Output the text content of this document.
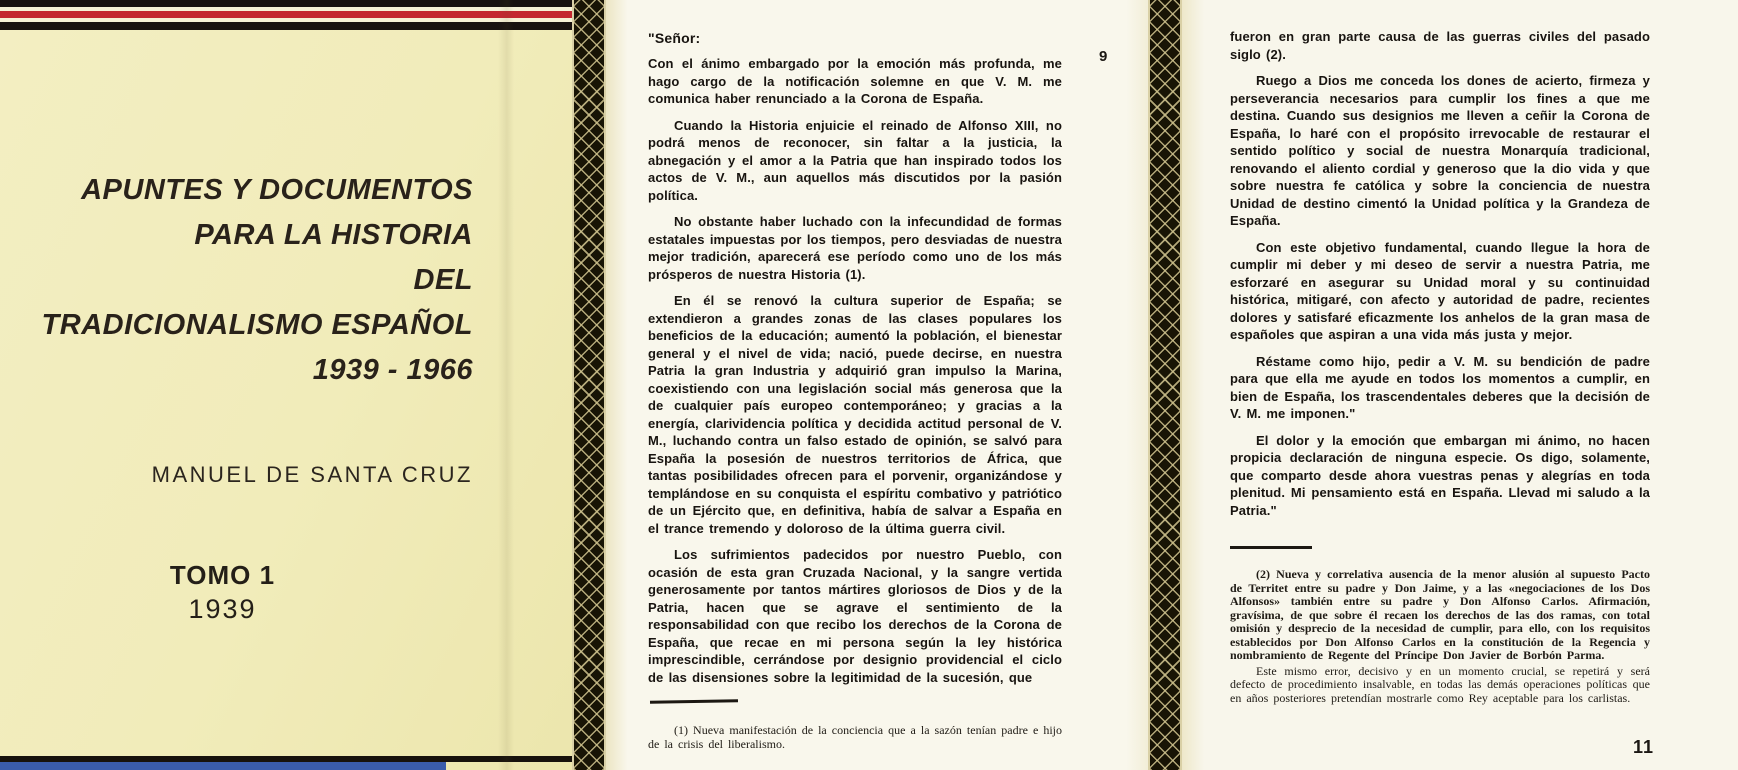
APUNTES Y DOCUMENTOS
PARA LA HISTORIA
DEL
TRADICIONALISMO ESPAÑOL
1939 - 1966
MANUEL DE SANTA CRUZ
TOMO 1
1939
9

"Señor:

Con el ánimo embargado por la emoción más profunda, me hago cargo de la notificación solemne en que V. M. me comunica haber renunciado a la Corona de España.

Cuando la Historia enjuicie el reinado de Alfonso XIII, no podrá menos de reconocer, sin faltar a la justicia, la abnegación y el amor a la Patria que han inspirado todos los actos de V. M., aun aquellos más discutidos por la pasión política.

No obstante haber luchado con la infecundidad de formas estatales impuestas por los tiempos, pero desviadas de nuestra mejor tradición, aparecerá ese período como uno de los más prósperos de nuestra Historia (1).

En él se renovó la cultura superior de España; se extendieron a grandes zonas de las clases populares los beneficios de la educación; aumentó la población, el bienestar general y el nivel de vida; nació, puede decirse, en nuestra Patria la gran Industria y adquirió gran impulso la Marina, coexistiendo con una legislación social más generosa que la de cualquier país europeo contemporáneo; y gracias a la energía, clarividencia política y decidida actitud personal de V. M., luchando contra un falso estado de opinión, se salvó para España la posesión de nuestros territorios de África, que tantas posibilidades ofrecen para el porvenir, organizándose y templándose en su conquista el espíritu combativo y patriótico de un Ejército que, en definitiva, había de salvar a España en el trance tremendo y doloroso de la última guerra civil.

Los sufrimientos padecidos por nuestro Pueblo, con ocasión de esta gran Cruzada Nacional, y la sangre vertida generosamente por tantos mártires gloriosos de Dios y de la Patria, hacen que se agrave el sentimiento de la responsabilidad con que recibo los derechos de la Corona de España, que recae en mi persona según la ley histórica imprescindible, cerrándose por designio providencial el ciclo de las disensiones sobre la legitimidad de la sucesión, que

(1) Nueva manifestación de la conciencia que a la sazón tenían padre e hijo de la crisis del liberalismo.

fueron en gran parte causa de las guerras civiles del pasado siglo (2).

Ruego a Dios me conceda los dones de acierto, firmeza y perseverancia necesarios para cumplir los fines a que me destina. Cuando sus designios me lleven a ceñir la Corona de España, lo haré con el propósito irrevocable de restaurar el sentido político y social de nuestra Monarquía tradicional, renovando el aliento cordial y generoso que la dio vida y que sobre nuestra fe católica y sobre la conciencia de nuestra Unidad de destino cimentó la Unidad política y la Grandeza de España.

Con este objetivo fundamental, cuando llegue la hora de cumplir mi deber y mi deseo de servir a nuestra Patria, me esforzaré en asegurar su Unidad moral y su continuidad histórica, mitigaré, con afecto y autoridad de padre, recientes dolores y satisfaré eficazmente los anhelos de la gran masa de españoles que aspiran a una vida más justa y mejor.

Réstame como hijo, pedir a V. M. su bendición de padre para que ella me ayude en todos los momentos a cumplir, en bien de España, los trascendentales deberes que la decisión de V. M. me imponen."

El dolor y la emoción que embargan mi ánimo, no hacen propicia declaración de ninguna especie. Os digo, solamente, que comparto desde ahora vuestras penas y alegrías en toda plenitud. Mi pensamiento está en España. Llevad mi saludo a la Patria."

(2) Nueva y correlativa ausencia de la menor alusión al supuesto Pacto de Territet entre su padre y Don Jaime, y a las «negociaciones de los Dos Alfonsos» también entre su padre y Don Alfonso Carlos. Afirmación, gravísima, de que sobre él recaen los derechos de las dos ramas, con total omisión y desprecio de la necesidad de cumplir, para ello, con los requisitos establecidos por Don Alfonso Carlos en la constitución de la Regencia y nombramiento de Regente del Príncipe Don Javier de Borbón Parma.

Este mismo error, decisivo y en un momento crucial, se repetirá y será defecto de procedimiento insalvable, en todas las demás operaciones políticas que en años posteriores pretendían mostrarle como Rey aceptable para los carlistas.

11
